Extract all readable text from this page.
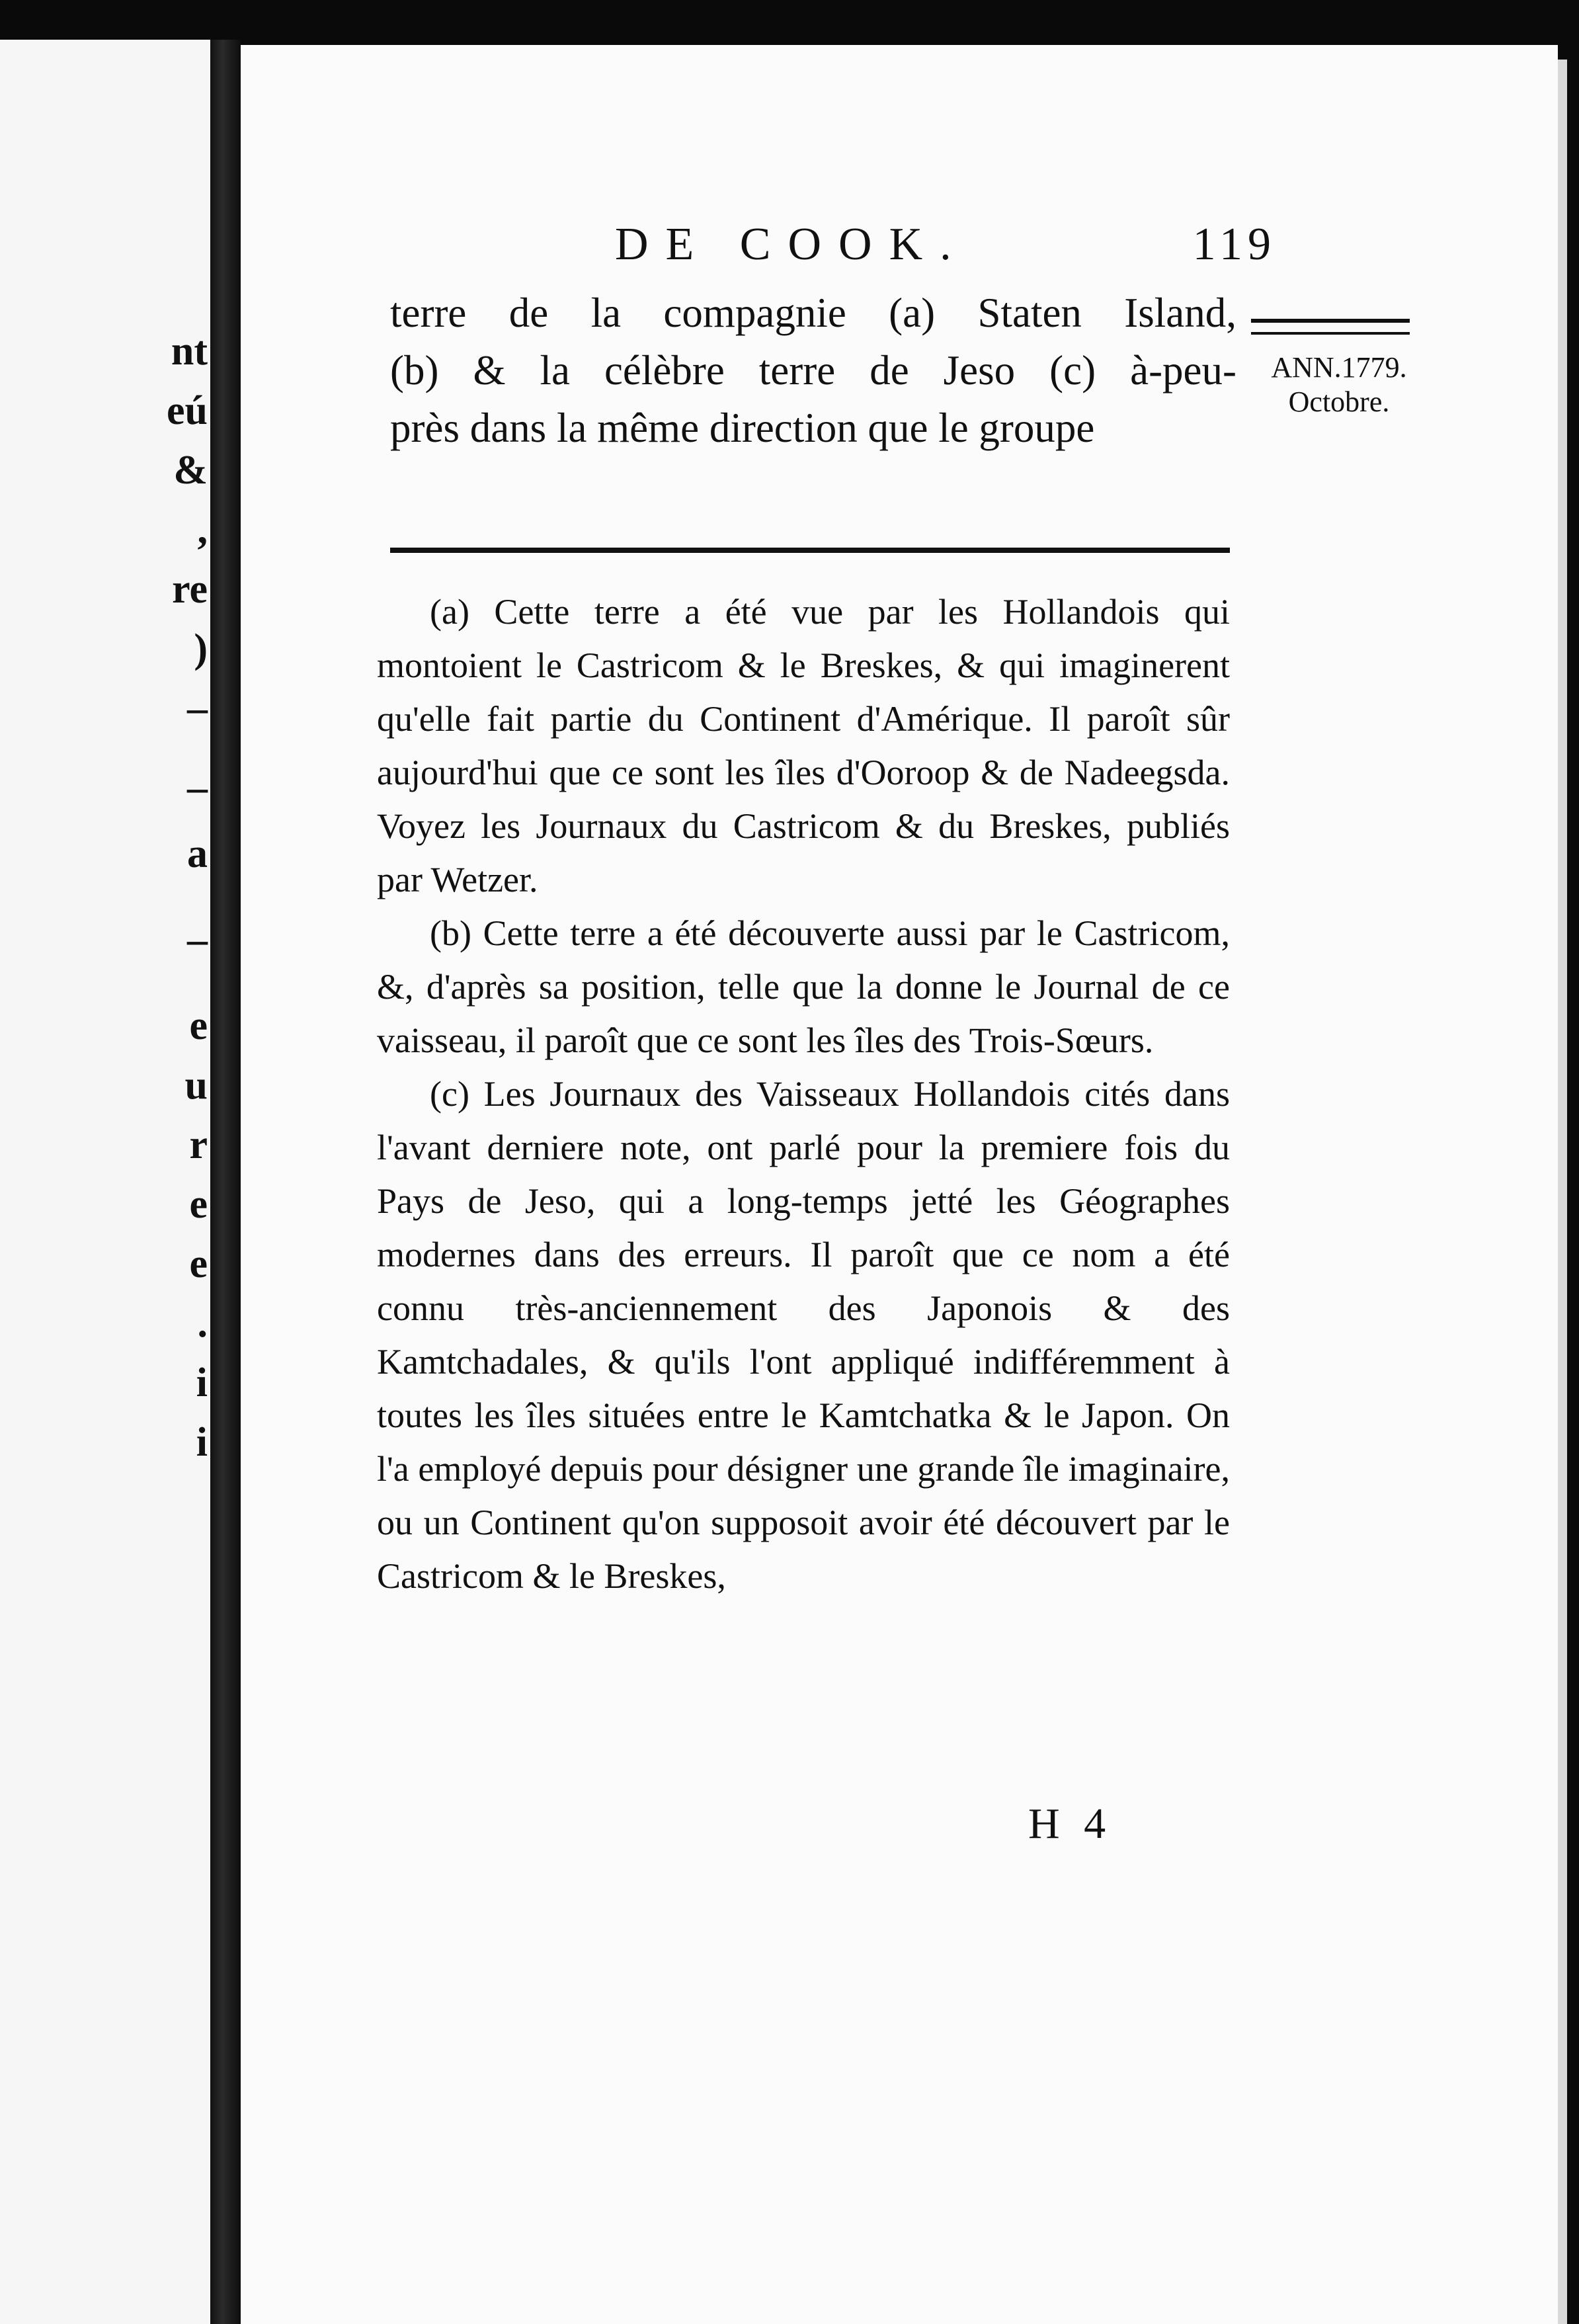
nt
eú
&
,
re
)
–
–
a
–
e
u
r
e
e
.
i
i
DE COOK.	119

terre de la compagnie (a) Staten Island,

(b) & la célèbre terre de Jeso (c) à-peu-

près dans la même direction que le groupe

ANN.1779.
Octobre.

(a) Cette terre a été vue par les Hollandois qui montoient le Castricom & le Breskes, & qui imaginerent qu'elle fait partie du Continent d'Amérique. Il paroît sûr aujourd'hui que ce sont les îles d'Ooroop & de Nadeegsda. Voyez les Journaux du Castricom & du Breskes, publiés par Wetzer.

(b) Cette terre a été découverte aussi par le Castricom, &, d'après sa position, telle que la donne le Journal de ce vaisseau, il paroît que ce sont les îles des Trois-Sœurs.

(c) Les Journaux des Vaisseaux Hollandois cités dans l'avant derniere note, ont parlé pour la premiere fois du Pays de Jeso, qui a long-temps jetté les Géographes modernes dans des erreurs. Il paroît que ce nom a été connu très-anciennement des Japonois & des Kamtchadales, & qu'ils l'ont appliqué indifféremment à toutes les îles situées entre le Kamtchatka & le Japon. On l'a employé depuis pour désigner une grande île imaginaire, ou un Continent qu'on supposoit avoir été découvert par le Castricom & le Breskes,

H 4
